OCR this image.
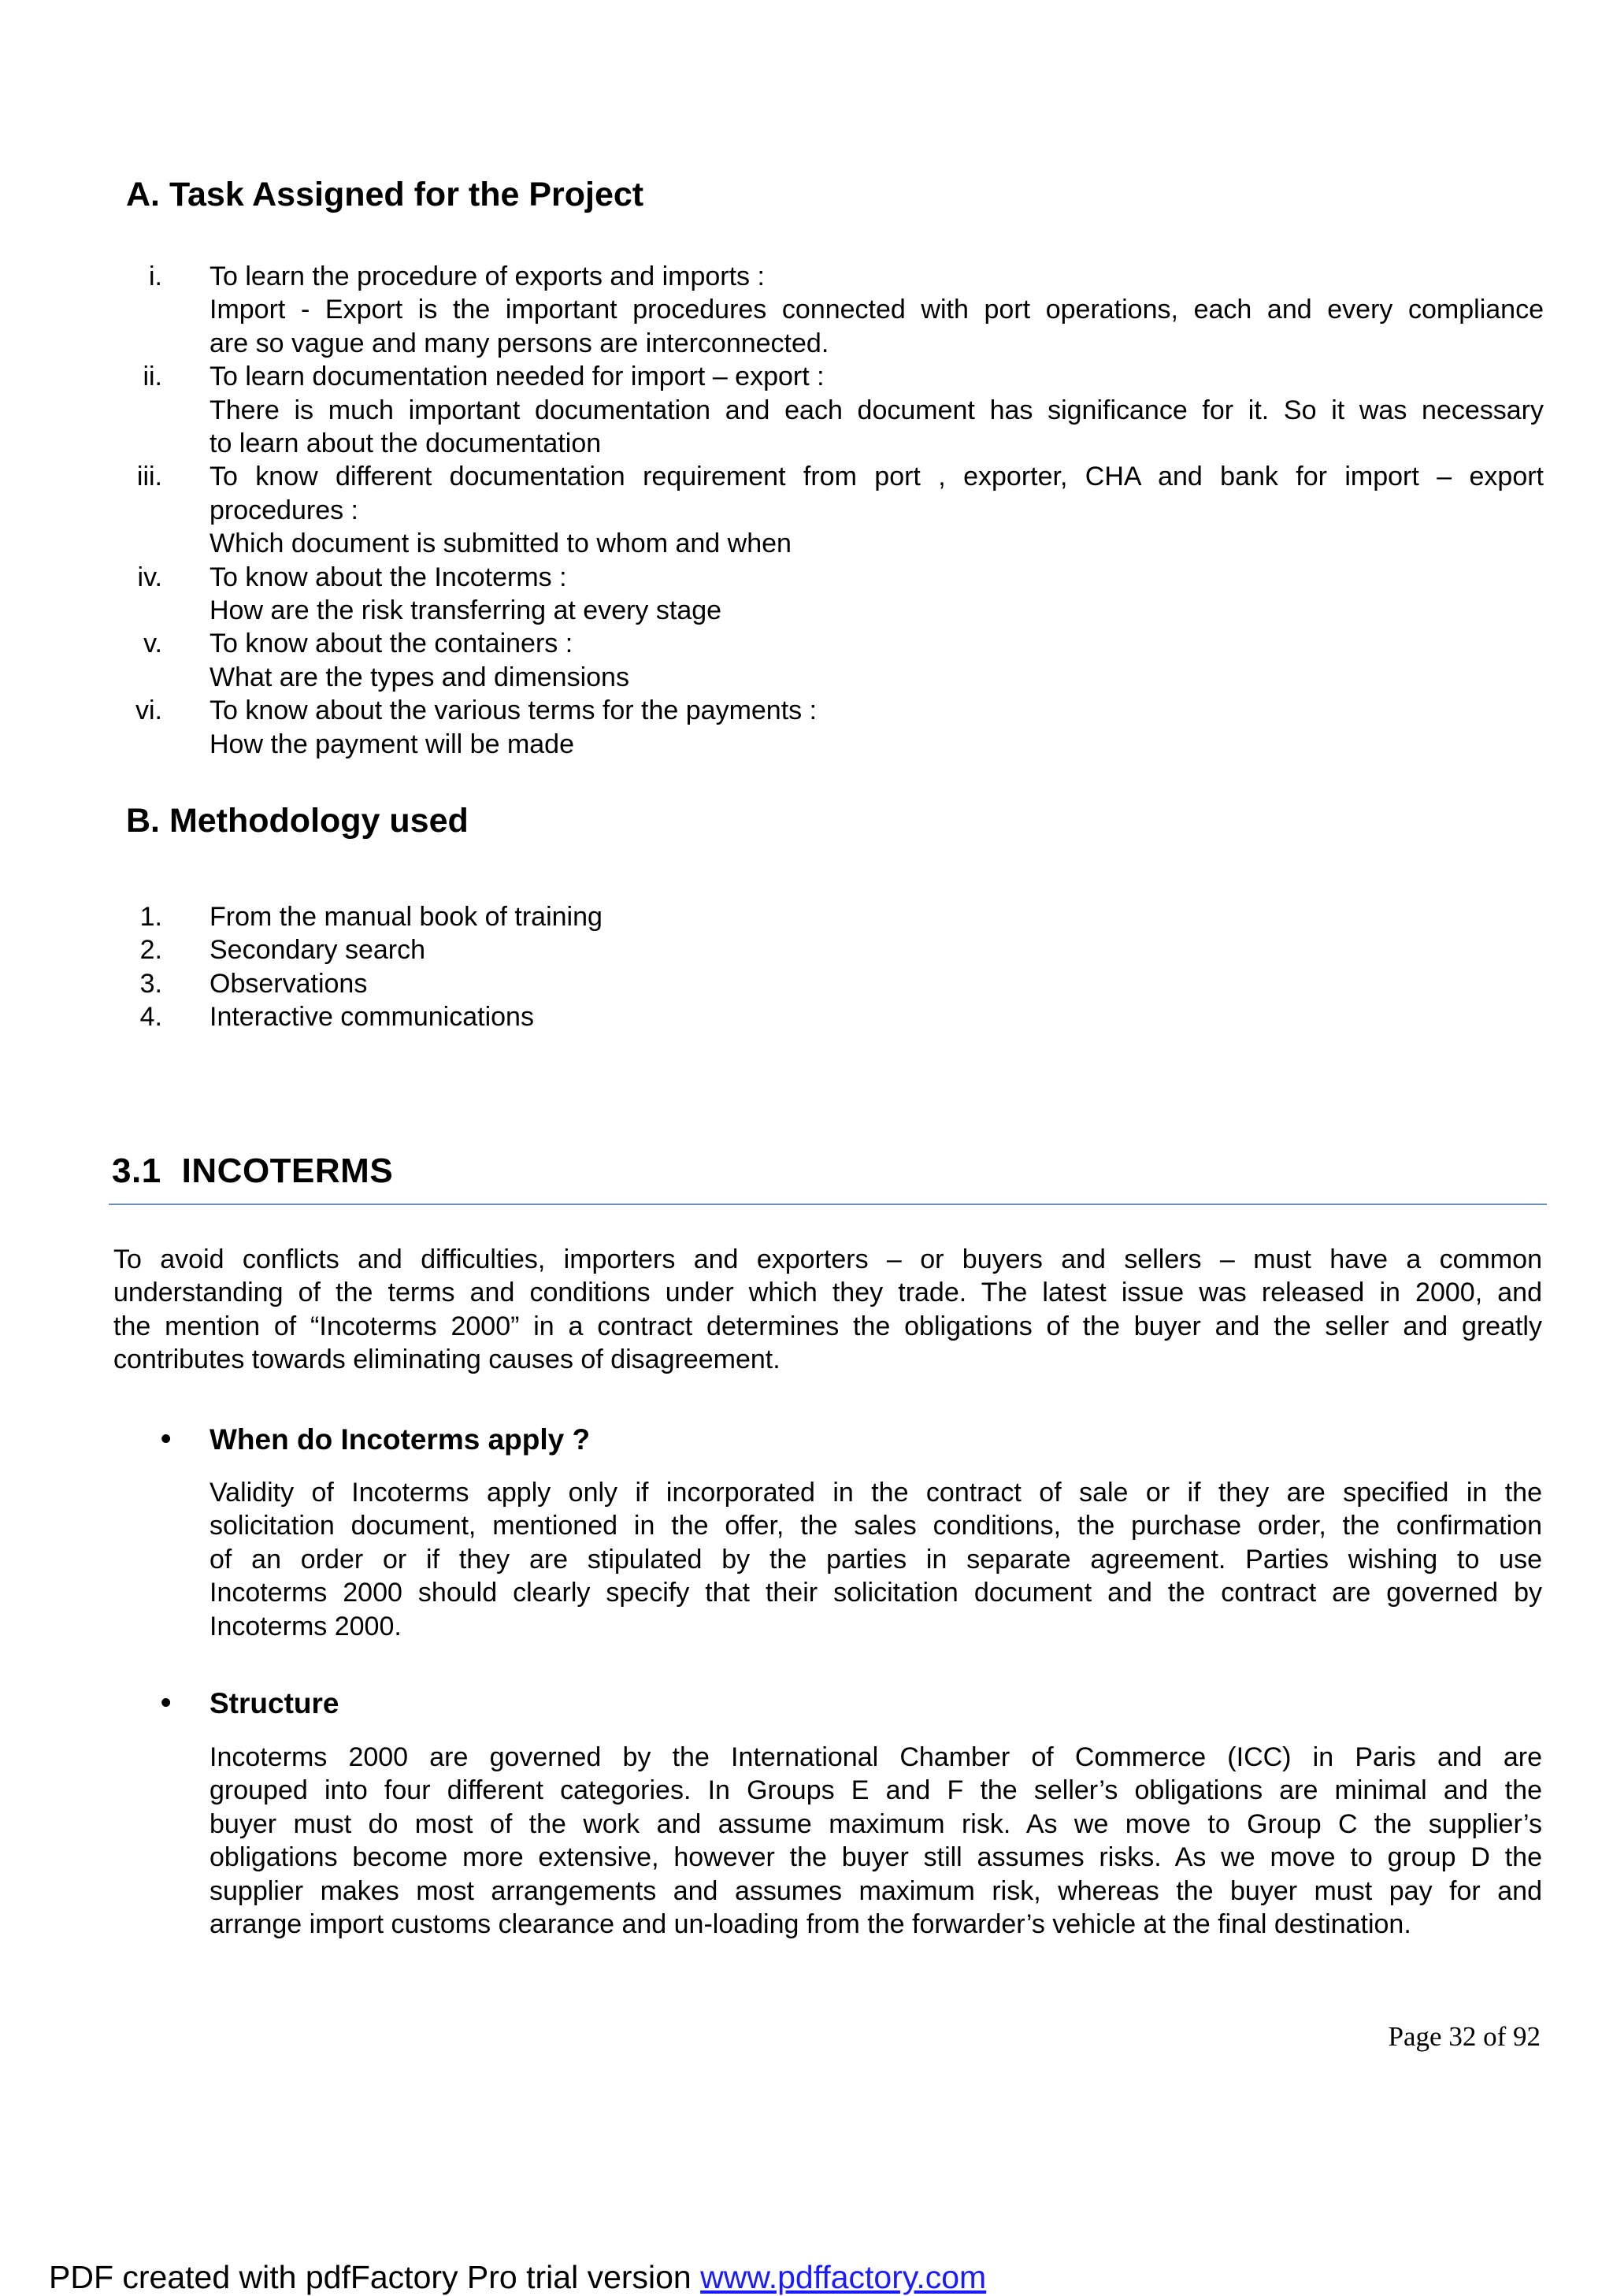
A. Task Assigned for the Project
i. To learn the procedure of exports and imports :
Import - Export is the important procedures connected with port operations, each and every compliance
are so vague and many persons are interconnected.
ii. To learn documentation needed for import – export :
There is much important documentation and each document has significance for it. So it was necessary
to learn about the documentation
iii. To know different documentation requirement from port , exporter, CHA and bank for import – export
procedures :
Which document is submitted to whom and when
iv. To know about the Incoterms :
How are the risk transferring at every stage
v. To know about the containers :
What are the types and dimensions
vi. To know about the various terms for the payments :
How the payment will be made
B. Methodology used
1. From the manual book of training
2. Secondary search
3. Observations
4. Interactive communications
3.1 INCOTERMS
To avoid conflicts and difficulties, importers and exporters – or buyers and sellers – must have a common
understanding of the terms and conditions under which they trade. The latest issue was released in 2000, and
the mention of “Incoterms 2000” in a contract determines the obligations of the buyer and the seller and greatly
contributes towards eliminating causes of disagreement.
• When do Incoterms apply ?
Validity of Incoterms apply only if incorporated in the contract of sale or if they are specified in the
solicitation document, mentioned in the offer, the sales conditions, the purchase order, the confirmation
of an order or if they are stipulated by the parties in separate agreement. Parties wishing to use
Incoterms 2000 should clearly specify that their solicitation document and the contract are governed by
Incoterms 2000.
• Structure
Incoterms 2000 are governed by the International Chamber of Commerce (ICC) in Paris and are
grouped into four different categories. In Groups E and F the seller’s obligations are minimal and the
buyer must do most of the work and assume maximum risk. As we move to Group C the supplier’s
obligations become more extensive, however the buyer still assumes risks. As we move to group D the
supplier makes most arrangements and assumes maximum risk, whereas the buyer must pay for and
arrange import customs clearance and un-loading from the forwarder’s vehicle at the final destination.
Page 32 of 92
PDF created with pdfFactory Pro trial version www.pdffactory.com
